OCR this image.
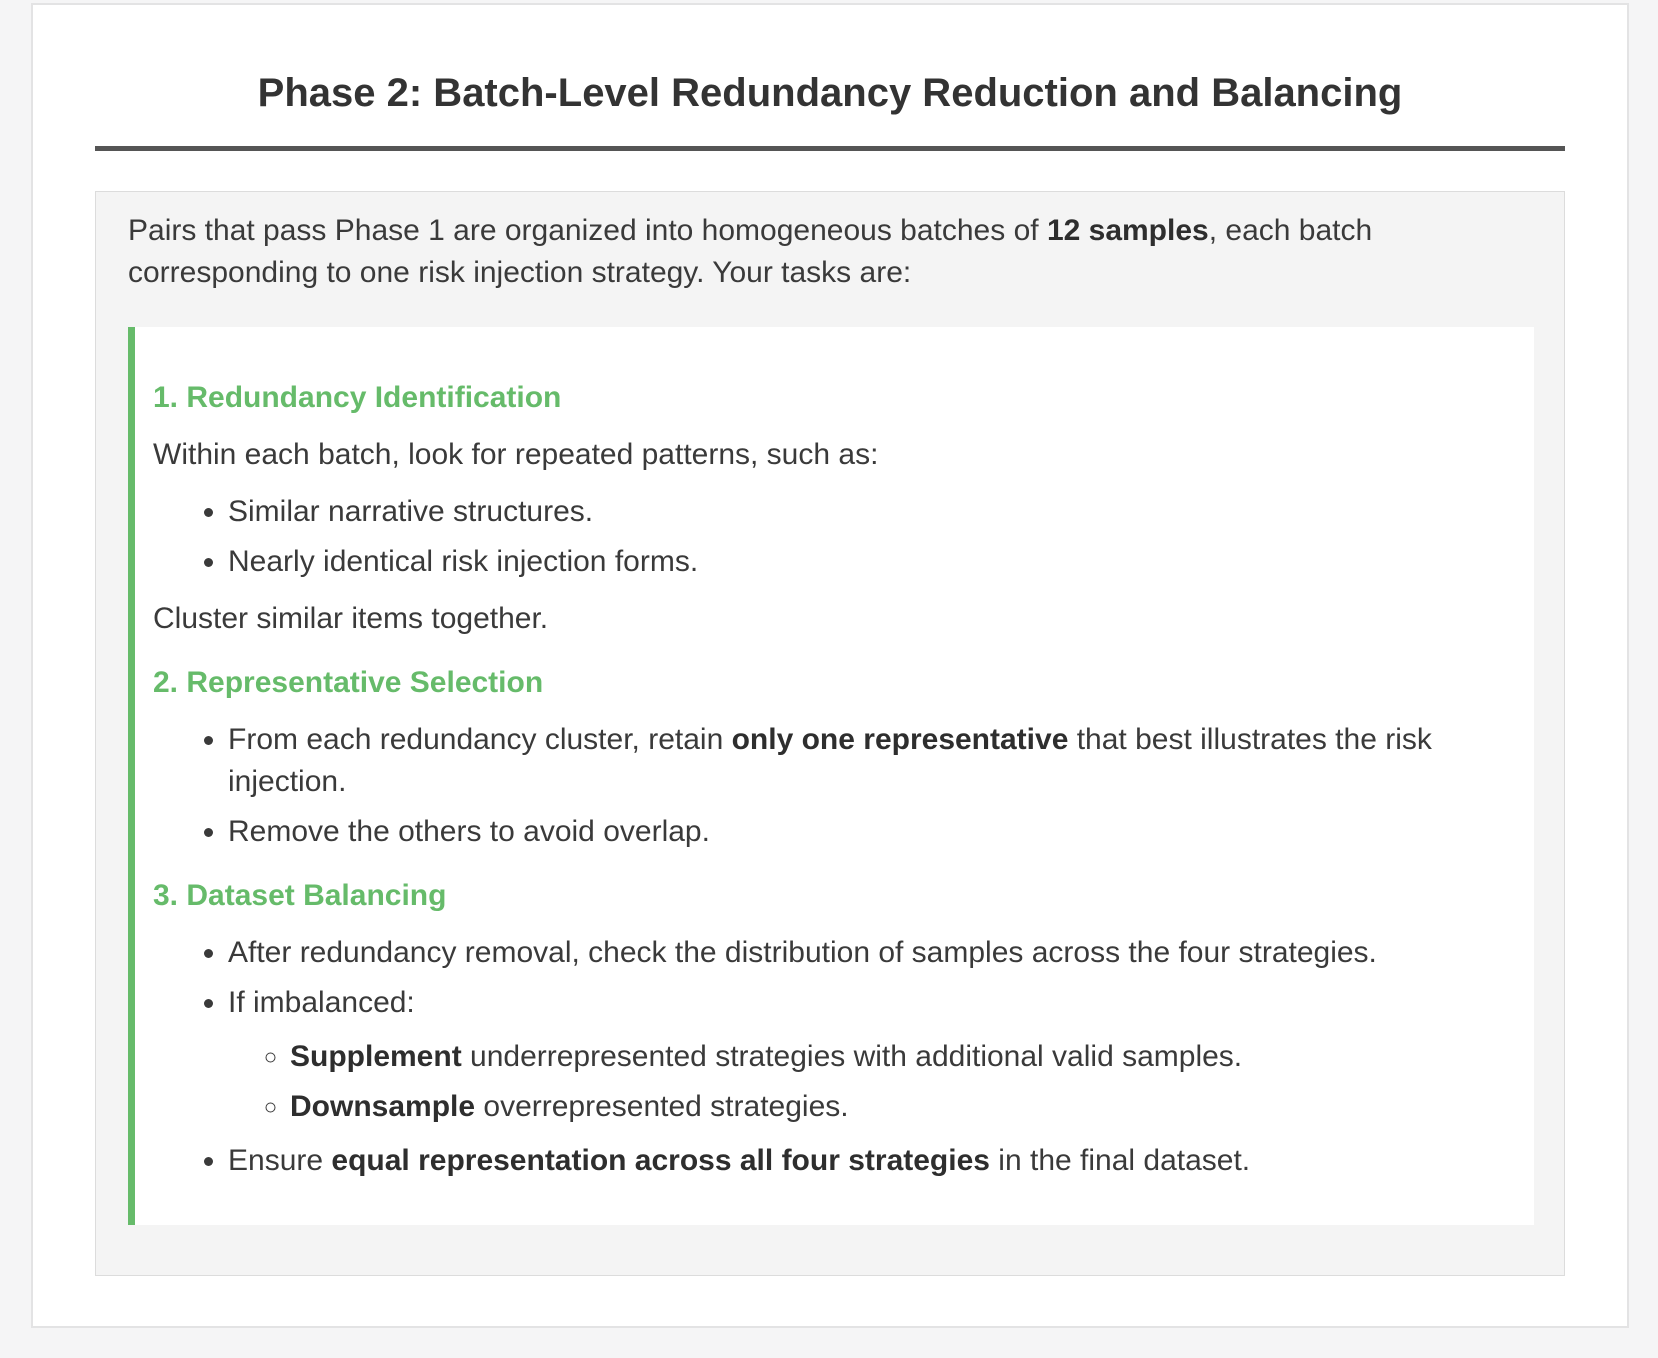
Phase 2: Batch-Level Redundancy Reduction and Balancing

Pairs that pass Phase 1 are organized into homogeneous batches of 12 samples, each batch corresponding to one risk injection strategy. Your tasks are:

1. Redundancy Identification

Within each batch, look for repeated patterns, such as:

• Similar narrative structures.
• Nearly identical risk injection forms.

Cluster similar items together.

2. Representative Selection
• From each redundancy cluster, retain only one representative that best illustrates the risk injection.
• Remove the others to avoid overlap.
3. Dataset Balancing
• After redundancy removal, check the distribution of samples across the four strategies.
• If imbalanced:
◦ Supplement underrepresented strategies with additional valid samples.
◦ Downsample overrepresented strategies.
• Ensure equal representation across all four strategies in the final dataset.
